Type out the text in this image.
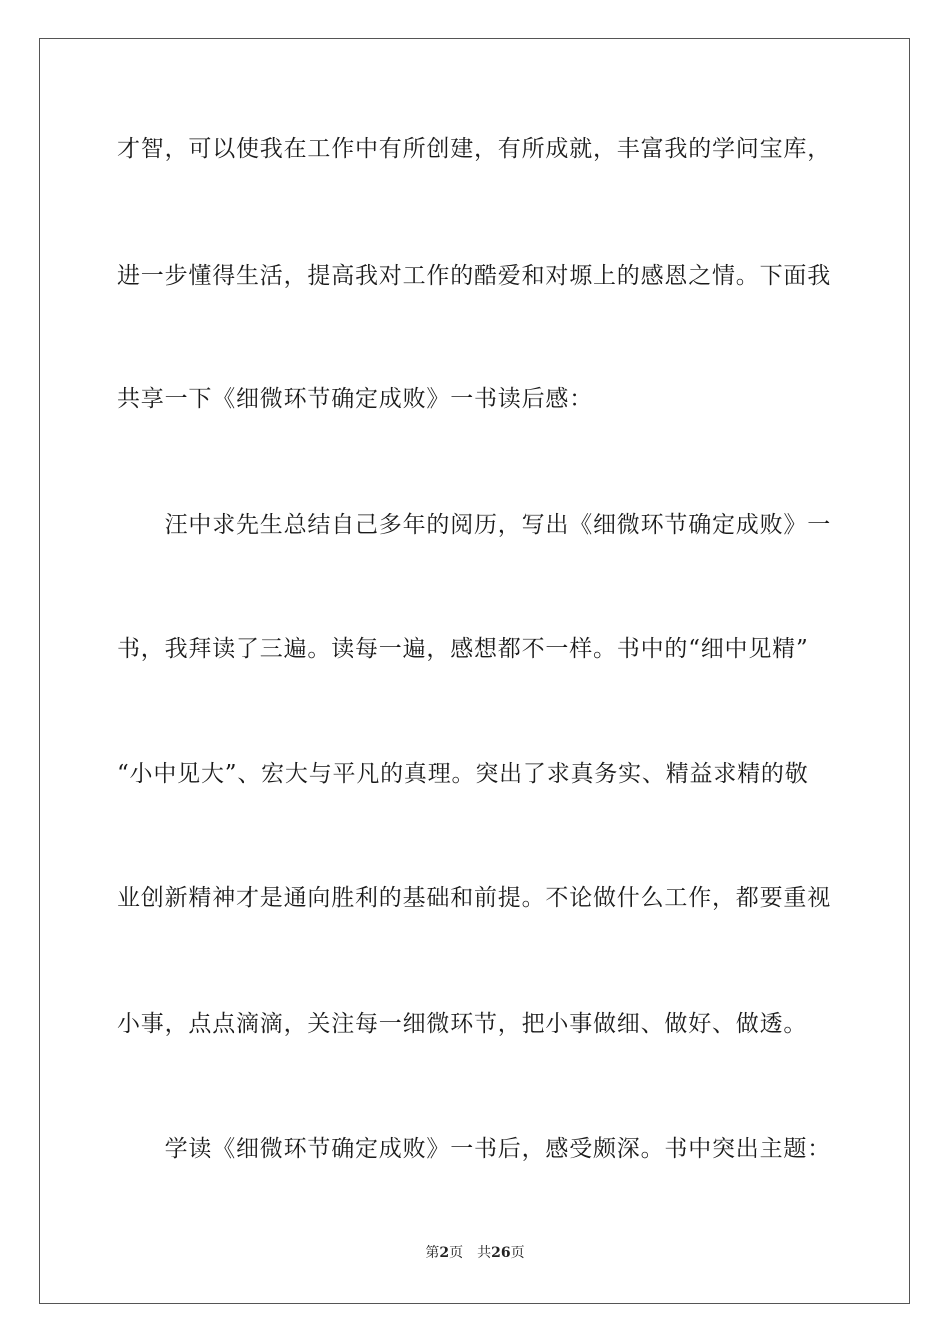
才智，可以使我在工作中有所创建，有所成就，丰富我的学问宝库，
进一步懂得生活，提高我对工作的酷爱和对塬上的感恩之情。下面我
共享一下《细微环节确定成败》一书读后感：
　　汪中求先生总结自己多年的阅历，写出《细微环节确定成败》一
书，我拜读了三遍。读每一遍，感想都不一样。书中的“细中见精”
“小中见大”、宏大与平凡的真理。突出了求真务实、精益求精的敬
业创新精神才是通向胜利的基础和前提。不论做什么工作，都要重视
小事，点点滴滴，关注每一细微环节，把小事做细、做好、做透。
　　学读《细微环节确定成败》一书后，感受颇深。书中突出主题：
第2页　共26页
